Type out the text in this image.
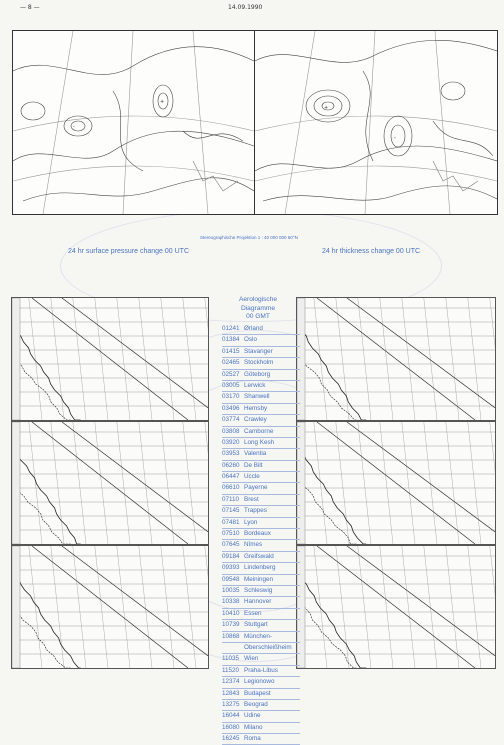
— 8 —	14.09.1990
-
+
+
-
Stereographische Projektion 1 : 40 000 000 60°N
24 hr surface pressure change 00 UTC	24 hr thickness change 00 UTC
Aerologische
Diagramme
00 GMT
01241 Ørland
01384 Oslo
01415 Stavanger
02465 Stockholm
02527 Göteborg
03005 Lerwick
03170 Shanwell
03496 Hemsby
03774 Crawley
03808 Camborne
03920 Long Kesh
03953 Valentia
06260 De Bilt
06447 Uccle
06610 Payerne
07110 Brest
07145 Trappes
07481 Lyon
07510 Bordeaux
07645 Nîmes
09184 Greifswald
09393 Lindenberg
09548 Meiningen
10035 Schleswig
10338 Hannover
10410 Essen
10739 Stuttgart
10868 München-
Oberschleißheim
11035 Wien
11520 Praha-Libus
12374 Legionowo
12843 Budapest
13275 Beograd
16044 Udine
16080 Milano
16245 Roma
